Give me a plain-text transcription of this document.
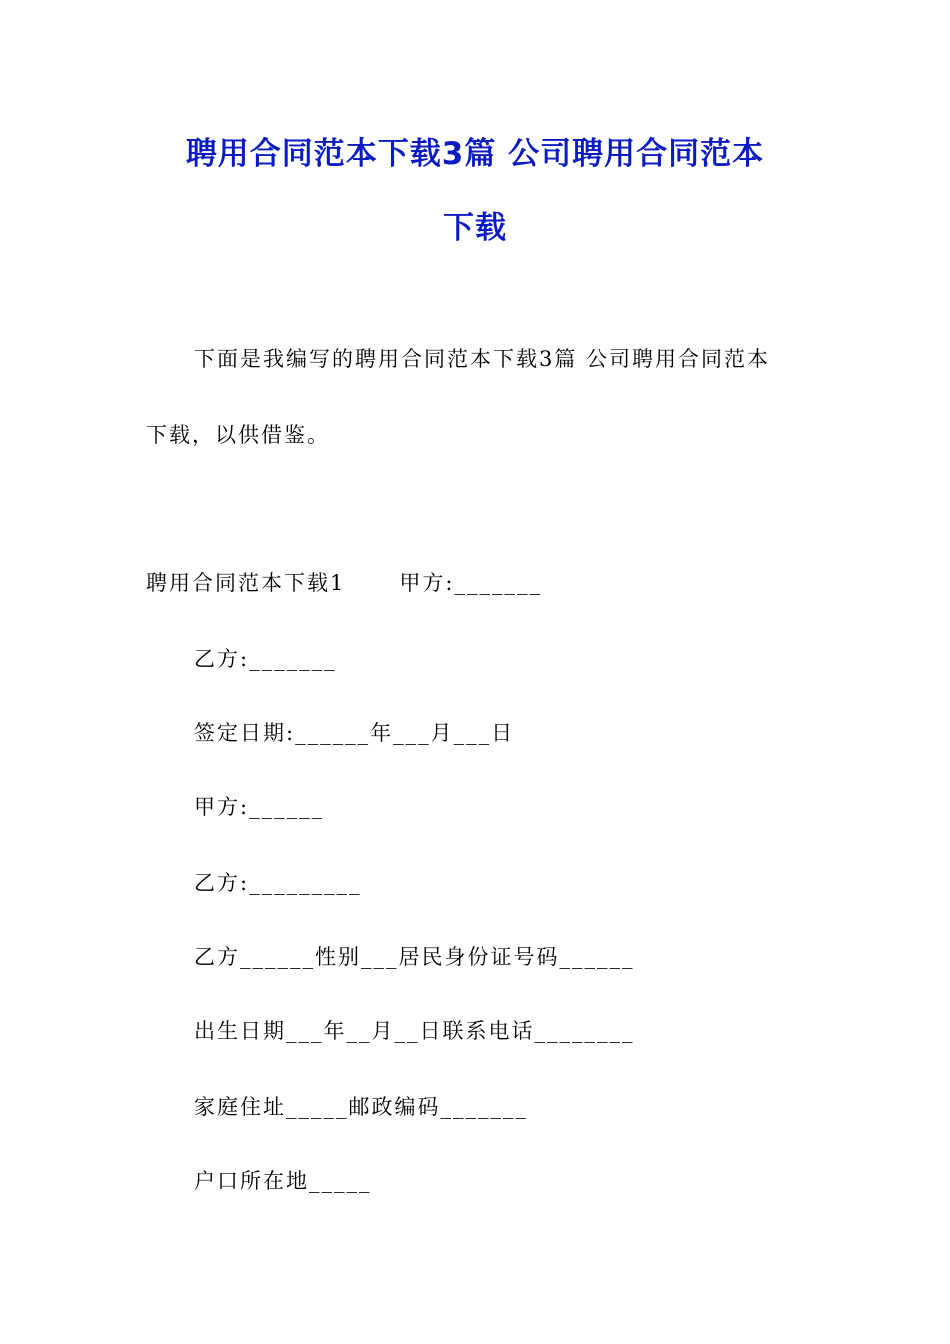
聘用合同范本下载3篇 公司聘用合同范本
下载
下面是我编写的聘用合同范本下载3篇 公司聘用合同范本
下载，以供借鉴。
聘用合同范本下载1	甲方:_______
乙方:_______
签定日期:______年___月___日
甲方:______
乙方:_________
乙方______性别___居民身份证号码______
出生日期___年__月__日联系电话________
家庭住址_____邮政编码_______
户口所在地_____
